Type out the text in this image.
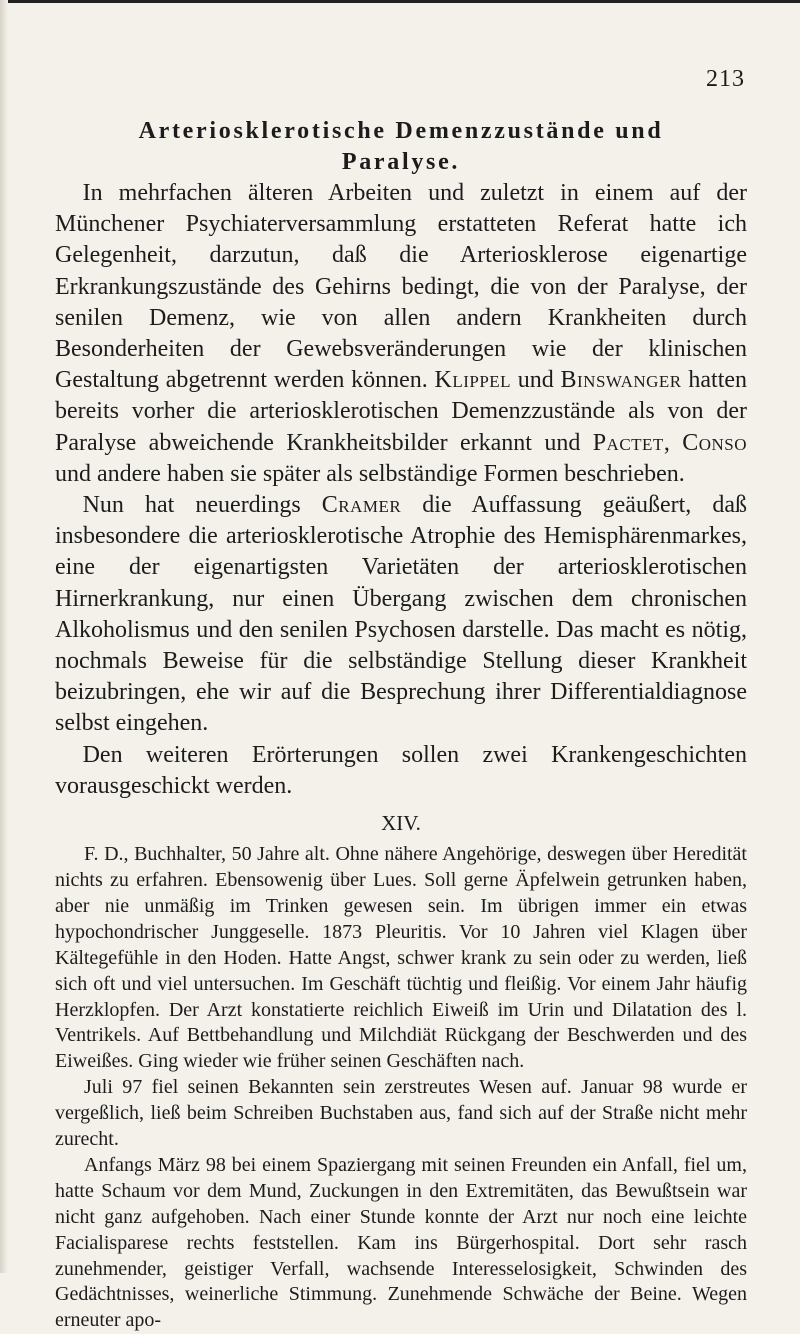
213
Arteriosklerotische Demenzzustände und
Paralyse.

In mehrfachen älteren Arbeiten und zuletzt in einem auf der Münchener Psychiaterversammlung erstatteten Referat hatte ich Gelegenheit, darzutun, daß die Arteriosklerose eigenartige Erkrankungszustände des Gehirns bedingt, die von der Paralyse, der senilen Demenz, wie von allen andern Krankheiten durch Besonderheiten der Gewebsveränderungen wie der klinischen Gestaltung abgetrennt werden können. Klippel und Binswanger hatten bereits vorher die arteriosklerotischen Demenzzustände als von der Paralyse abweichende Krankheitsbilder erkannt und Pactet, Conso und andere haben sie später als selbständige Formen beschrieben.

Nun hat neuerdings Cramer die Auffassung geäußert, daß insbesondere die arteriosklerotische Atrophie des Hemisphärenmarkes, eine der eigenartigsten Varietäten der arteriosklerotischen Hirnerkrankung, nur einen Übergang zwischen dem chronischen Alkoholismus und den senilen Psychosen darstelle. Das macht es nötig, nochmals Beweise für die selbständige Stellung dieser Krankheit beizubringen, ehe wir auf die Besprechung ihrer Differentialdiagnose selbst eingehen.

Den weiteren Erörterungen sollen zwei Krankengeschichten vorausgeschickt werden.

XIV.

F. D., Buchhalter, 50 Jahre alt. Ohne nähere Angehörige, deswegen über Heredität nichts zu erfahren. Ebensowenig über Lues. Soll gerne Äpfelwein getrunken haben, aber nie unmäßig im Trinken gewesen sein. Im übrigen immer ein etwas hypochondrischer Junggeselle. 1873 Pleuritis. Vor 10 Jahren viel Klagen über Kältegefühle in den Hoden. Hatte Angst, schwer krank zu sein oder zu werden, ließ sich oft und viel untersuchen. Im Geschäft tüchtig und fleißig. Vor einem Jahr häufig Herzklopfen. Der Arzt konstatierte reichlich Eiweiß im Urin und Dilatation des l. Ventrikels. Auf Bettbehandlung und Milchdiät Rückgang der Beschwerden und des Eiweißes. Ging wieder wie früher seinen Geschäften nach.

Juli 97 fiel seinen Bekannten sein zerstreutes Wesen auf. Januar 98 wurde er vergeßlich, ließ beim Schreiben Buchstaben aus, fand sich auf der Straße nicht mehr zurecht.

Anfangs März 98 bei einem Spaziergang mit seinen Freunden ein Anfall, fiel um, hatte Schaum vor dem Mund, Zuckungen in den Extremitäten, das Bewußtsein war nicht ganz aufgehoben. Nach einer Stunde konnte der Arzt nur noch eine leichte Facialisparese rechts feststellen. Kam ins Bürgerhospital. Dort sehr rasch zunehmender, geistiger Verfall, wachsende Interesselosigkeit, Schwinden des Gedächtnisses, weinerliche Stimmung. Zunehmende Schwäche der Beine. Wegen erneuter apo-
